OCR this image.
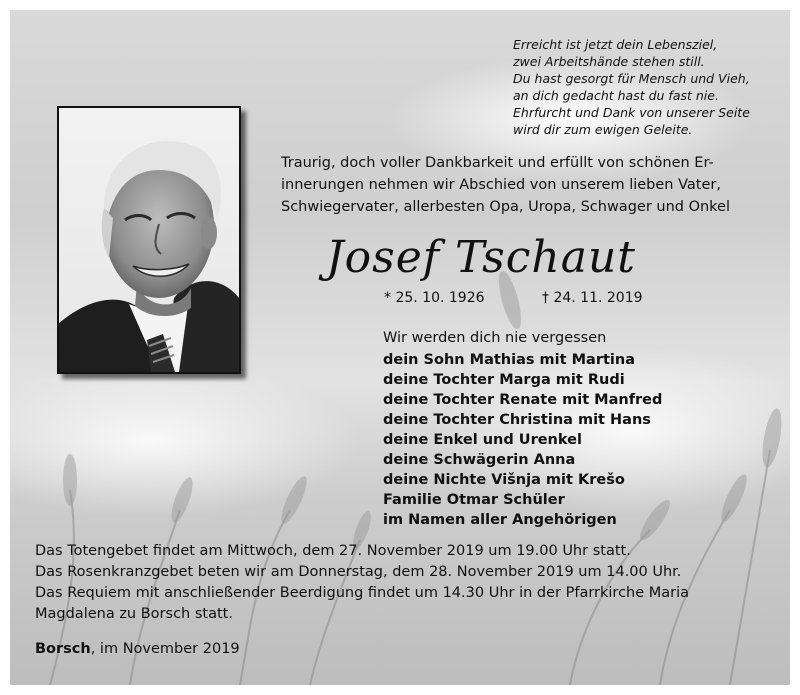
Erreicht ist jetzt dein Lebensziel,
zwei Arbeitshände stehen still.
Du hast gesorgt für Mensch und Vieh,
an dich gedacht hast du fast nie.
Ehrfurcht und Dank von unserer Seite
wird dir zum ewigen Geleite.
Traurig, doch voller Dankbarkeit und erfüllt von schönen Er-
innerungen nehmen wir Abschied von unserem lieben Vater,
Schwiegervater, allerbesten Opa, Uropa, Schwager und Onkel
Josef Tschaut
* 25. 10. 1926	† 24. 11. 2019
Wir werden dich nie vergessen
dein Sohn Mathias mit Martina
deine Tochter Marga mit Rudi
deine Tochter Renate mit Manfred
deine Tochter Christina mit Hans
deine Enkel und Urenkel
deine Schwägerin Anna
deine Nichte Višnja mit Krešo
Familie Otmar Schüler
im Namen aller Angehörigen
Das Totengebet findet am Mittwoch, dem 27. November 2019 um 19.00 Uhr statt.
Das Rosenkranzgebet beten wir am Donnerstag, dem 28. November 2019 um 14.00 Uhr.
Das Requiem mit anschließender Beerdigung findet um 14.30 Uhr in der Pfarrkirche Maria
Magdalena zu Borsch statt.
Borsch, im November 2019
